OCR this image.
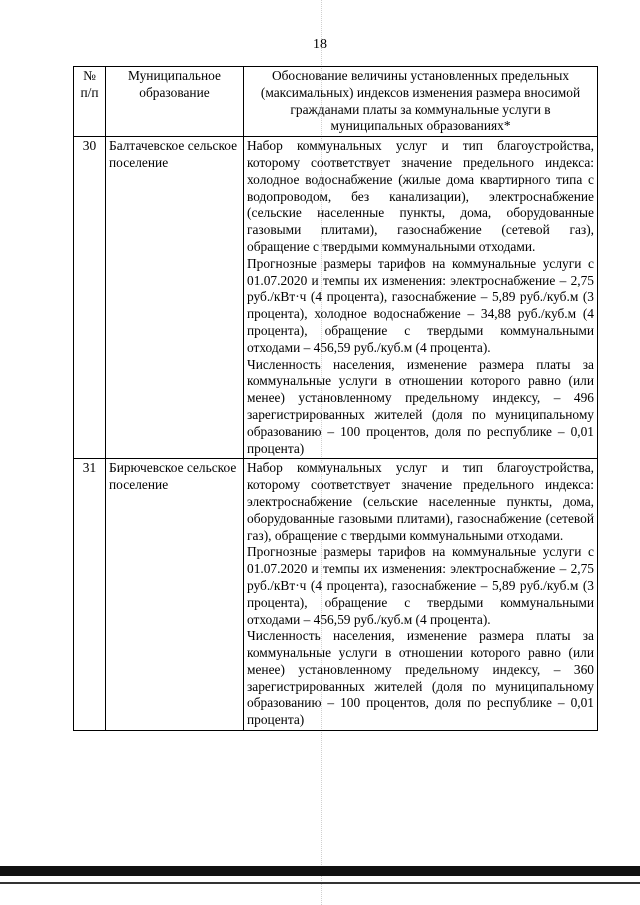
18
№ п/п	Муниципальное образование	Обоснование величины установленных предельных (максимальных) индексов изменения размера вносимой гражданами платы за коммунальные услуги в муниципальных образованиях*
30	Балтачевское сельское поселение	Набор коммунальных услуг и тип благоустройства, которому соответствует значение предельного индекса: холодное водоснабжение (жилые дома квартирного типа с водопроводом, без канализации), электроснабжение (сельские населенные пункты, дома, оборудованные газовыми плитами), газоснабжение (сетевой газ), обращение с твердыми коммунальными отходами.

Прогнозные размеры тарифов на коммунальные услуги с 01.07.2020 и темпы их изменения: электроснабжение – 2,75 руб./кВт·ч (4 процента), газоснабжение – 5,89 руб./куб.м (3 процента), холодное водоснабжение – 34,88 руб./куб.м (4 процента), обращение с твердыми коммунальными отходами – 456,59 руб./куб.м (4 процента).

Численность населения, изменение размера платы за коммунальные услуги в отношении которого равно (или менее) установленному предельному индексу, – 496 зарегистрированных жителей (доля по муниципальному образованию – 100 процентов, доля по республике – 0,01 процента)

31	Бирючевское сельское поселение	Набор коммунальных услуг и тип благоустройства, которому соответствует значение предельного индекса: электроснабжение (сельские населенные пункты, дома, оборудованные газовыми плитами), газоснабжение (сетевой газ), обращение с твердыми коммунальными отходами.

Прогнозные размеры тарифов на коммунальные услуги с 01.07.2020 и темпы их изменения: электроснабжение – 2,75 руб./кВт·ч (4 процента), газоснабжение – 5,89 руб./куб.м (3 процента), обращение с твердыми коммунальными отходами – 456,59 руб./куб.м (4 процента).

Численность населения, изменение размера платы за коммунальные услуги в отношении которого равно (или менее) установленному предельному индексу, – 360 зарегистрированных жителей (доля по муниципальному образованию – 100 процентов, доля по республике – 0,01 процента)
